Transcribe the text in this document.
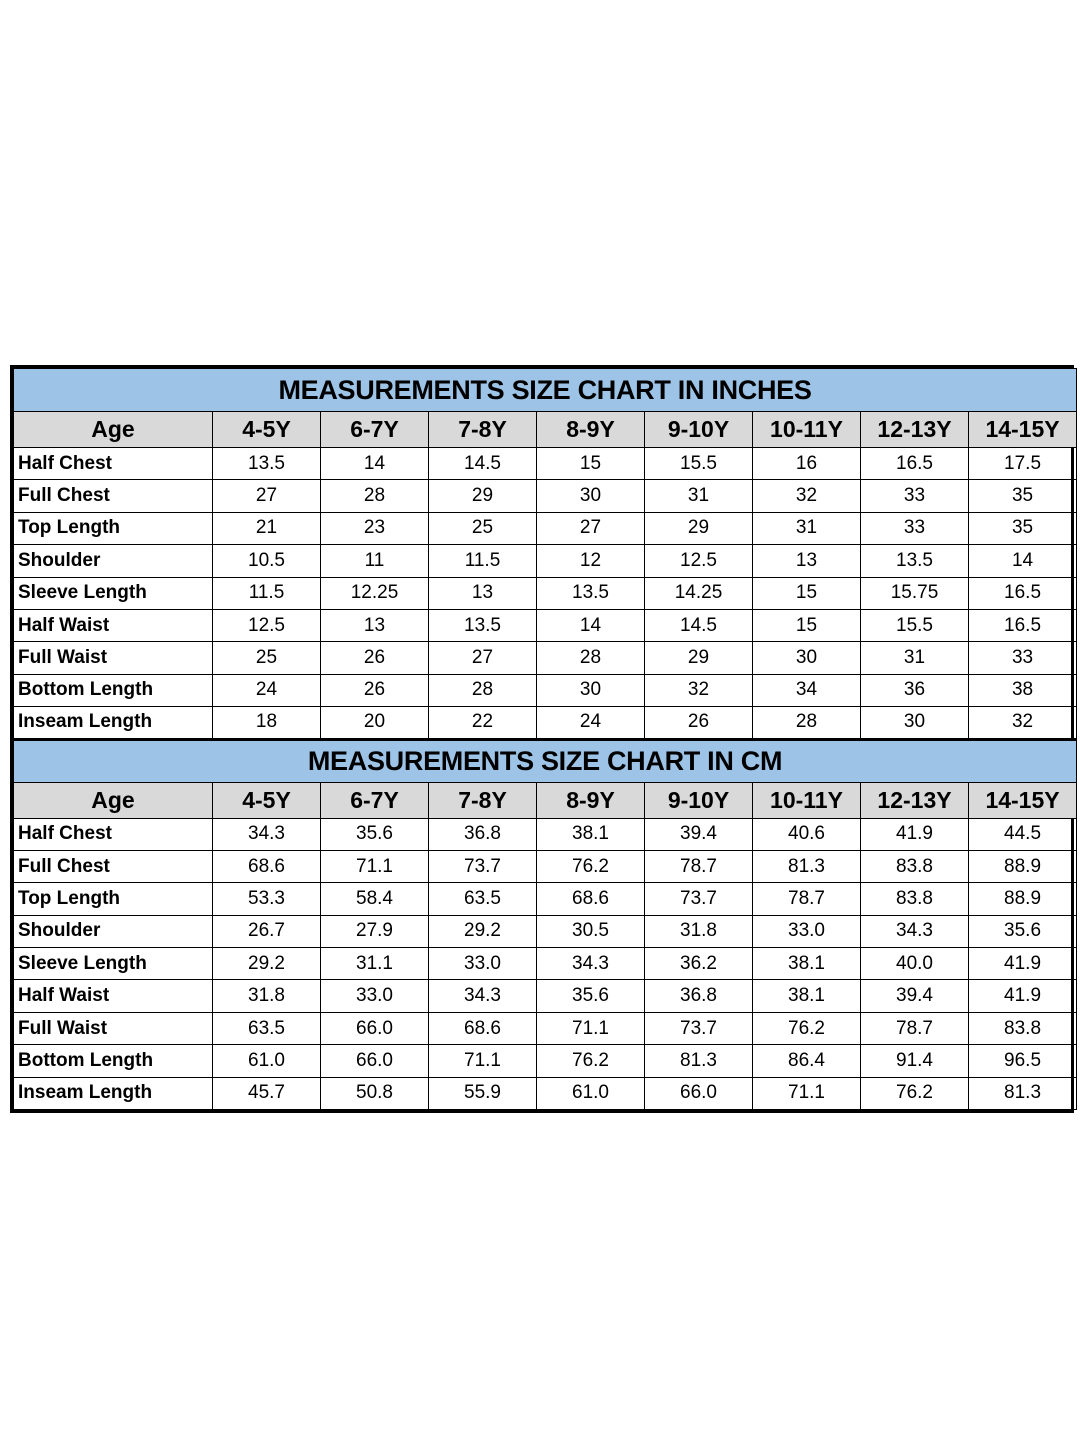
MEASUREMENTS SIZE CHART IN INCHES								
Age	4-5Y	6-7Y	7-8Y	8-9Y	9-10Y	10-11Y	12-13Y	14-15Y
Half Chest	13.5	14	14.5	15	15.5	16	16.5	17.5
Full Chest	27	28	29	30	31	32	33	35
Top Length	21	23	25	27	29	31	33	35
Shoulder	10.5	11	11.5	12	12.5	13	13.5	14
Sleeve Length	11.5	12.25	13	13.5	14.25	15	15.75	16.5
Half Waist	12.5	13	13.5	14	14.5	15	15.5	16.5
Full Waist	25	26	27	28	29	30	31	33
Bottom Length	24	26	28	30	32	34	36	38
Inseam Length	18	20	22	24	26	28	30	32
MEASUREMENTS SIZE CHART IN CM								
Age	4-5Y	6-7Y	7-8Y	8-9Y	9-10Y	10-11Y	12-13Y	14-15Y
Half Chest	34.3	35.6	36.8	38.1	39.4	40.6	41.9	44.5
Full Chest	68.6	71.1	73.7	76.2	78.7	81.3	83.8	88.9
Top Length	53.3	58.4	63.5	68.6	73.7	78.7	83.8	88.9
Shoulder	26.7	27.9	29.2	30.5	31.8	33.0	34.3	35.6
Sleeve Length	29.2	31.1	33.0	34.3	36.2	38.1	40.0	41.9
Half Waist	31.8	33.0	34.3	35.6	36.8	38.1	39.4	41.9
Full Waist	63.5	66.0	68.6	71.1	73.7	76.2	78.7	83.8
Bottom Length	61.0	66.0	71.1	76.2	81.3	86.4	91.4	96.5
Inseam Length	45.7	50.8	55.9	61.0	66.0	71.1	76.2	81.3
